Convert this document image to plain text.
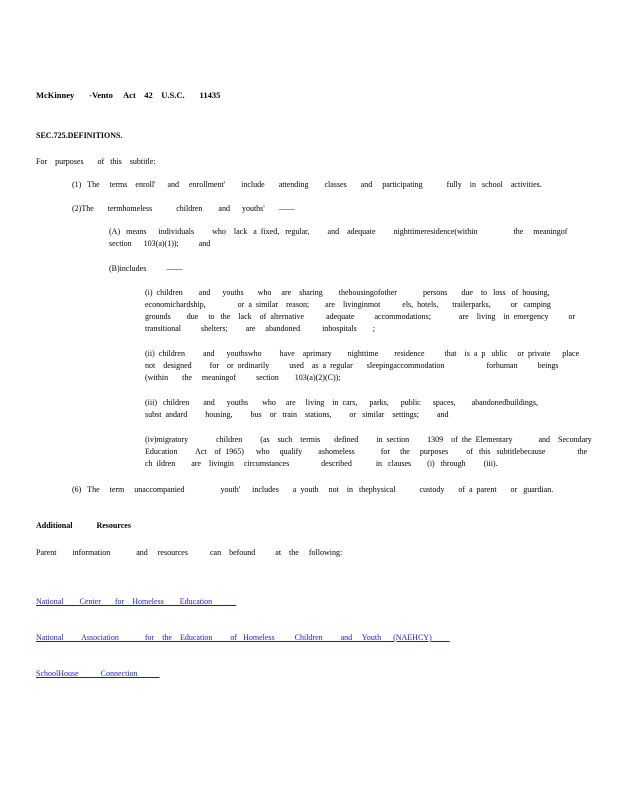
McKinney       -Vento     Act    42    U.S.C.       11435
SEC.725.DEFINITIONS.
For    purposes       of   this    subtitle:
(1)   The     terms    enroll'      and     enrollment'        include       attending        classes       and     participating            fully    in   school    activities.
(2)The       termhomeless            children        and      youths'       ——
(A)   means      individuals         who    lack   a  fixed,   regular,         and    adequate         nighttimeresidence(within                  the     meaningof
section      103(a)(1));          and
(B)includes          ——
(i)  children        and      youths       who     are    sharing        thehousingofother             persons       due    to   loss   of  housing,
economichardship,                or  a  similar    reason;        are    livinginmot           els,  hotels,       trailerparks,          or   camping
grounds        due     to   the    lack    of  alternative           adequate          accommodations;              are    living    in  emergency          or
transitional          shelters;         are     abandoned           inhospitals        ;
(ii)  children         and      youthswho         have    aprimary        nighttime        residence          that    is  a  p   ublic     or  private      place
not    designed         for    or  ordinarily          used    as  a  regular       sleepingaccommodation                     forhuman          beings
(within       the     meaningof          section        103(a)(2)(C));
(iii)   children       and      youths       who     are     living    in  cars,      parks,      public      spaces,        abandonedbuildings,
subst  andard         housing,         bus    or   train    stations,         or   similar    settings;         and
(iv)migratory              children         (as    such    termis       defined         in  section         1309    of  the  Elementary             and    Secondary
Education         Act    of  1965)      who     qualify        ashomeless             for     the     purposes         of   this   subtitlebecause                the
ch  ildren        are    livingin     circumstances                described            in   clauses        (i)   through         (iii).
(6)   The     term     unaccompanied                  youth'      includes       a  youth     not    in   thephysical            custody       of  a  parent       or   guardian.
Additional            Resources
Parent        information             and     resources           can    befound          at    the     following:

National        Center       for    Homeless        Education

National         Association             for    the    Education         of   Homeless          Children         and     Youth      (NAEHCY)

SchoolHouse           Connection
